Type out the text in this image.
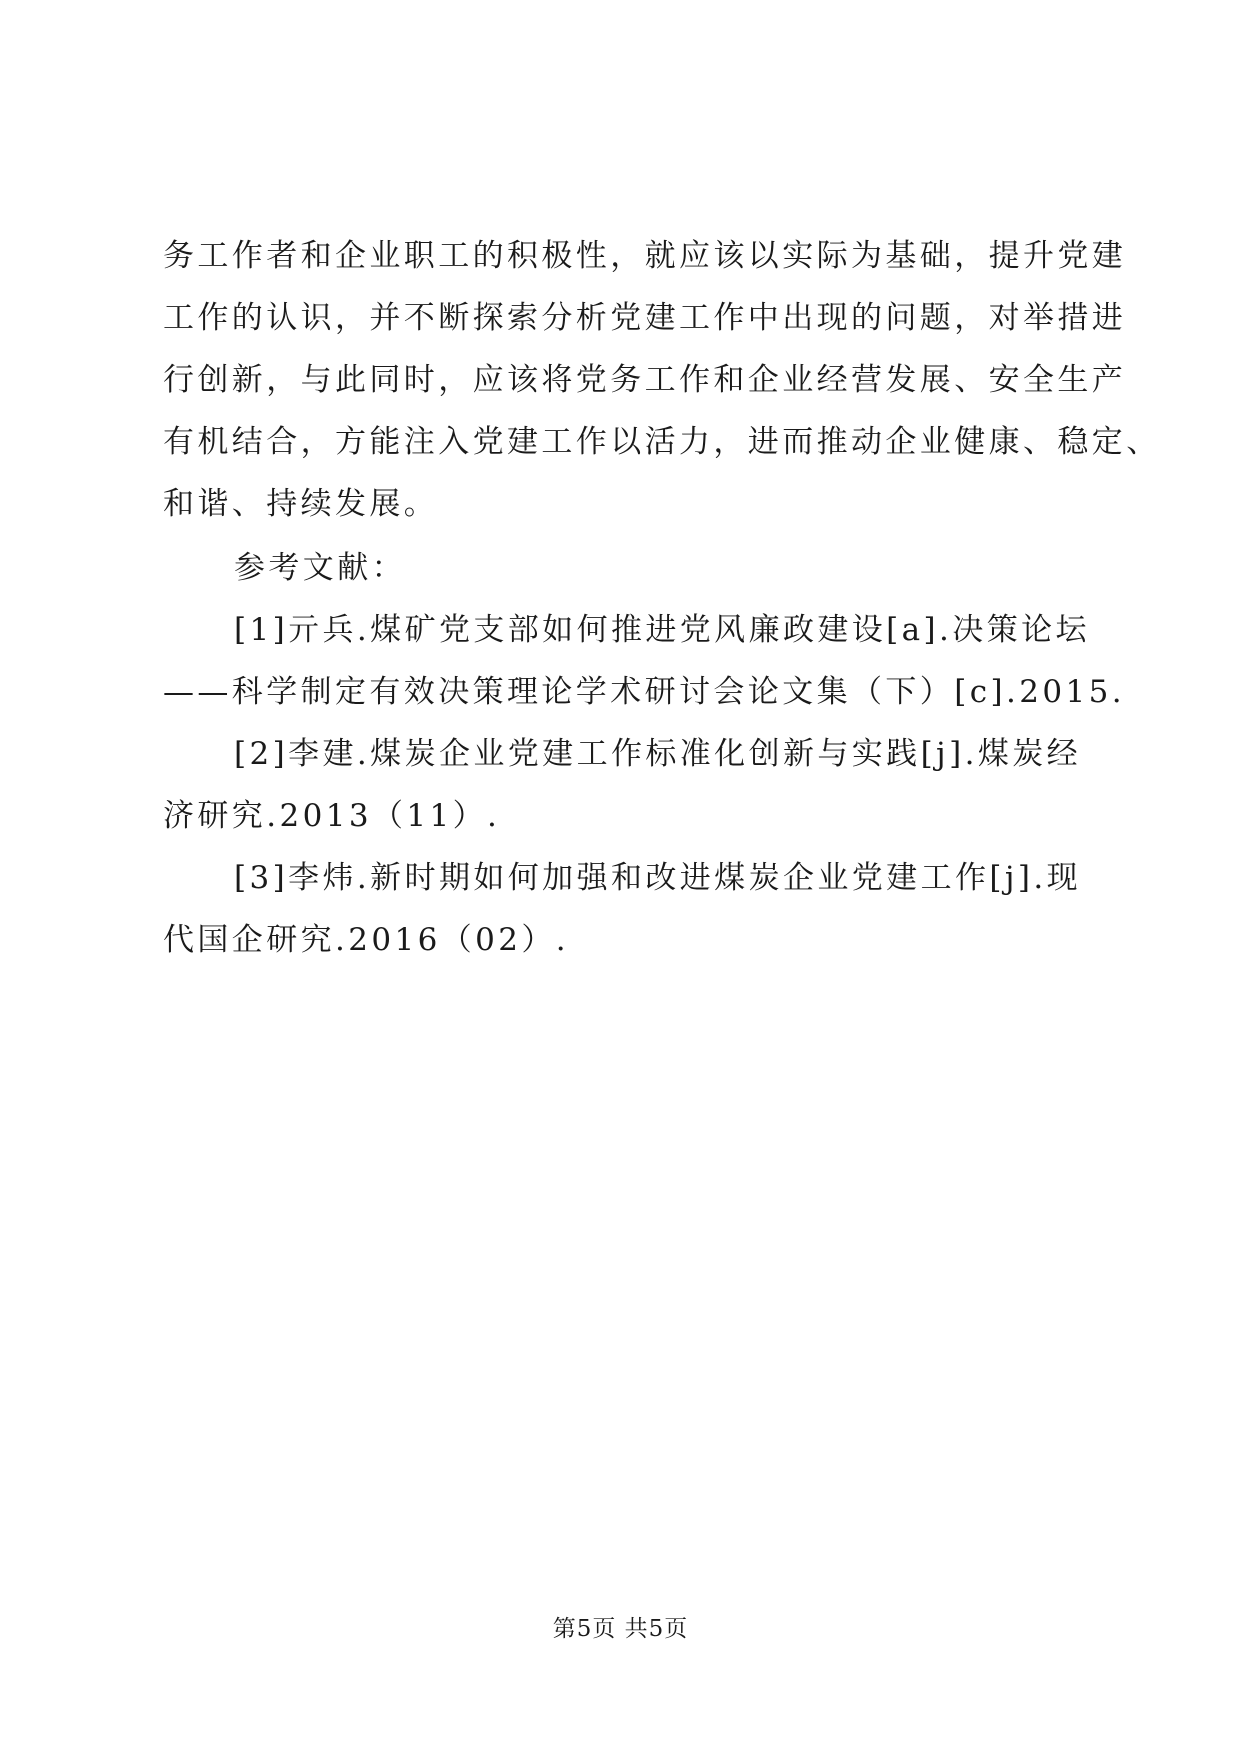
务工作者和企业职工的积极性，就应该以实际为基础，提升党建
工作的认识，并不断探索分析党建工作中出现的问题，对举措进
行创新，与此同时，应该将党务工作和企业经营发展、安全生产
有机结合，方能注入党建工作以活力，进而推动企业健康、稳定、
和谐、持续发展。
参考文献：
[1]亓兵.煤矿党支部如何推进党风廉政建设[a].决策论坛
——科学制定有效决策理论学术研讨会论文集（下）[c].2015.
[2]李建.煤炭企业党建工作标准化创新与实践[j].煤炭经
济研究.2013（11）.
[3]李炜.新时期如何加强和改进煤炭企业党建工作[j].现
代国企研究.2016（02）.
第5页 共5页
